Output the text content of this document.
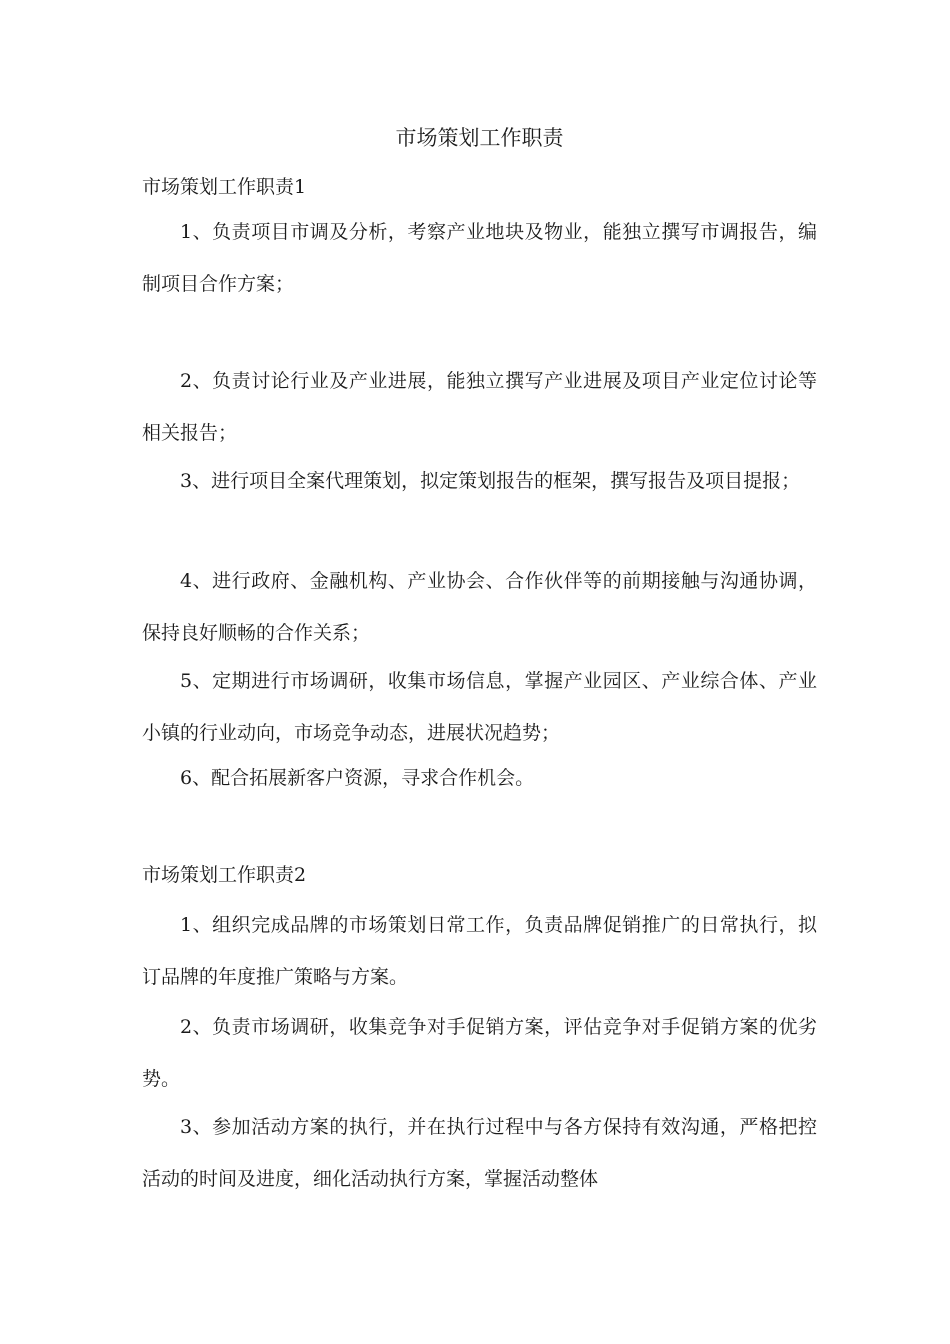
市场策划工作职责
市场策划工作职责1
1、负责项目市调及分析，考察产业地块及物业，能独立撰写市调报告，编制项目合作方案；
2、负责讨论行业及产业进展，能独立撰写产业进展及项目产业定位讨论等相关报告；
3、进行项目全案代理策划，拟定策划报告的框架，撰写报告及项目提报；
4、进行政府、金融机构、产业协会、合作伙伴等的前期接触与沟通协调，保持良好顺畅的合作关系；
5、定期进行市场调研，收集市场信息，掌握产业园区、产业综合体、产业小镇的行业动向，市场竞争动态，进展状况趋势；
6、配合拓展新客户资源，寻求合作机会。
市场策划工作职责2
1、组织完成品牌的市场策划日常工作，负责品牌促销推广的日常执行，拟订品牌的年度推广策略与方案。
2、负责市场调研，收集竞争对手促销方案，评估竞争对手促销方案的优劣势。
3、参加活动方案的执行，并在执行过程中与各方保持有效沟通，严格把控活动的时间及进度，细化活动执行方案，掌握活动整体
